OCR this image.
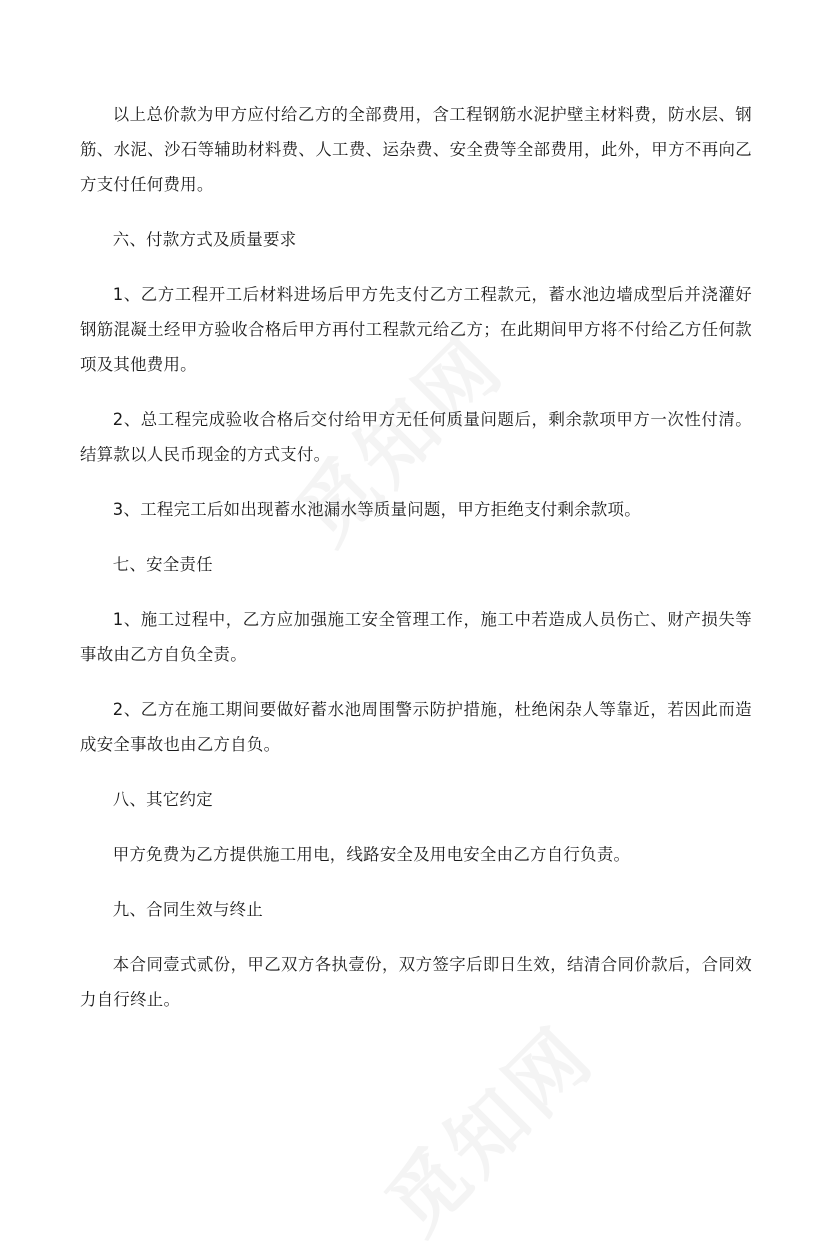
以上总价款为甲方应付给乙方的全部费用，含工程钢筋水泥护壁主材料费，防水层、钢筋、水泥、沙石等辅助材料费、人工费、运杂费、安全费等全部费用，此外，甲方不再向乙方支付任何费用。

六、付款方式及质量要求

1、乙方工程开工后材料进场后甲方先支付乙方工程款元，蓄水池边墙成型后并浇灌好钢筋混凝土经甲方验收合格后甲方再付工程款元给乙方；在此期间甲方将不付给乙方任何款项及其他费用。

2、总工程完成验收合格后交付给甲方无任何质量问题后，剩余款项甲方一次性付清。结算款以人民币现金的方式支付。

3、工程完工后如出现蓄水池漏水等质量问题，甲方拒绝支付剩余款项。

七、安全责任

1、施工过程中，乙方应加强施工安全管理工作，施工中若造成人员伤亡、财产损失等事故由乙方自负全责。

2、乙方在施工期间要做好蓄水池周围警示防护措施，杜绝闲杂人等靠近，若因此而造成安全事故也由乙方自负。

八、其它约定

甲方免费为乙方提供施工用电，线路安全及用电安全由乙方自行负责。

九、合同生效与终止

本合同壹式贰份，甲乙双方各执壹份，双方签字后即日生效，结清合同价款后，合同效力自行终止。
